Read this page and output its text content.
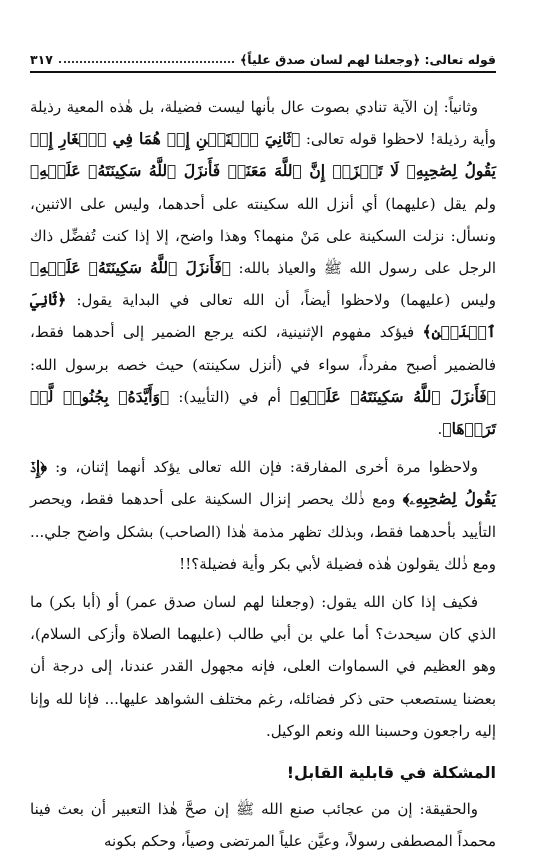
قوله تعالى: ﴿وجعلنا لهم لسان صدق علياً﴾
٣١٧

وثانياً: إن الآية تنادي بصوت عال بأنها ليست فضيلة، بل هٰذه المعية رذيلة وأية رذيلة! لاحظوا قوله تعالى: ﴿ثَانِيَ ٱثۡنَيۡنِ إِذۡ هُمَا فِي ٱلۡغَارِ إِذۡ يَقُولُ لِصَٰحِبِهِۦ لَا تَحۡزَنۡ إِنَّ ٱللَّهَ مَعَنَاۖ فَأَنزَلَ ٱللَّهُ سَكِينَتَهُۥ عَلَيۡهِ﴾ ولم يقل (عليهما) أي أنزل الله سكينته على أحدهما، وليس على الاثنين، ونسأل: نزلت السكينة على مَنْ منهما؟ وهذا واضح، إلا إذا كنت تُفضِّل ذاك الرجل على رسول الله ﷺ والعياذ بالله: ﴿فَأَنزَلَ ٱللَّهُ سَكِينَتَهُۥ عَلَيۡهِ﴾ وليس (عليهما) ولاحظوا أيضاً، أن الله تعالى في البداية يقول: ﴿ثَانِيَ ٱثۡنَيۡنِ﴾ فيؤكد مفهوم الإثنينية، لكنه يرجع الضمير إلى أحدهما فقط، فالضمير أصبح مفرداً، سواء في (أنزل سكينته) حيث خصه برسول الله: ﴿فَأَنزَلَ ٱللَّهُ سَكِينَتَهُۥ عَلَيۡهِ﴾ أم في (التأييد): ﴿وَأَيَّدَهُۥ بِجُنُودٖ لَّمۡ تَرَوۡهَا﴾.

ولاحظوا مرة أخرى المفارقة: فإن الله تعالى يؤكد أنهما إثنان، و: ﴿إِذۡ يَقُولُ لِصَٰحِبِهِۦ﴾ ومع ذٰلك يحصر إنزال السكينة على أحدهما فقط، ويحصر التأييد بأحدهما فقط، وبذلك تظهر مذمة هٰذا (الصاحب) بشكل واضح جلي... ومع ذٰلك يقولون هٰذه فضيلة لأبي بكر وأية فضيلة؟!!

فكيف إذا كان الله يقول: (وجعلنا لهم لسان صدق عمر) أو (أبا بكر) ما الذي كان سيحدث؟ أما علي بن أبي طالب (عليهما الصلاة وأزكى السلام)، وهو العظيم في السماوات العلى، فإنه مجهول القدر عندنا، إلى درجة أن بعضنا يستصعب حتى ذكر فضائله، رغم مختلف الشواهد عليها... فإنا لله وإنا إليه راجعون وحسبنا الله ونعم الوكيل.

المشكلة في قابلية القابل!

والحقيقة: إن من عجائب صنع الله ﷺ إن صحَّ هٰذا التعبير أن بعث فينا محمداً المصطفى رسولاً، وعيَّن علياً المرتضى وصياً، وحكم بكونه
